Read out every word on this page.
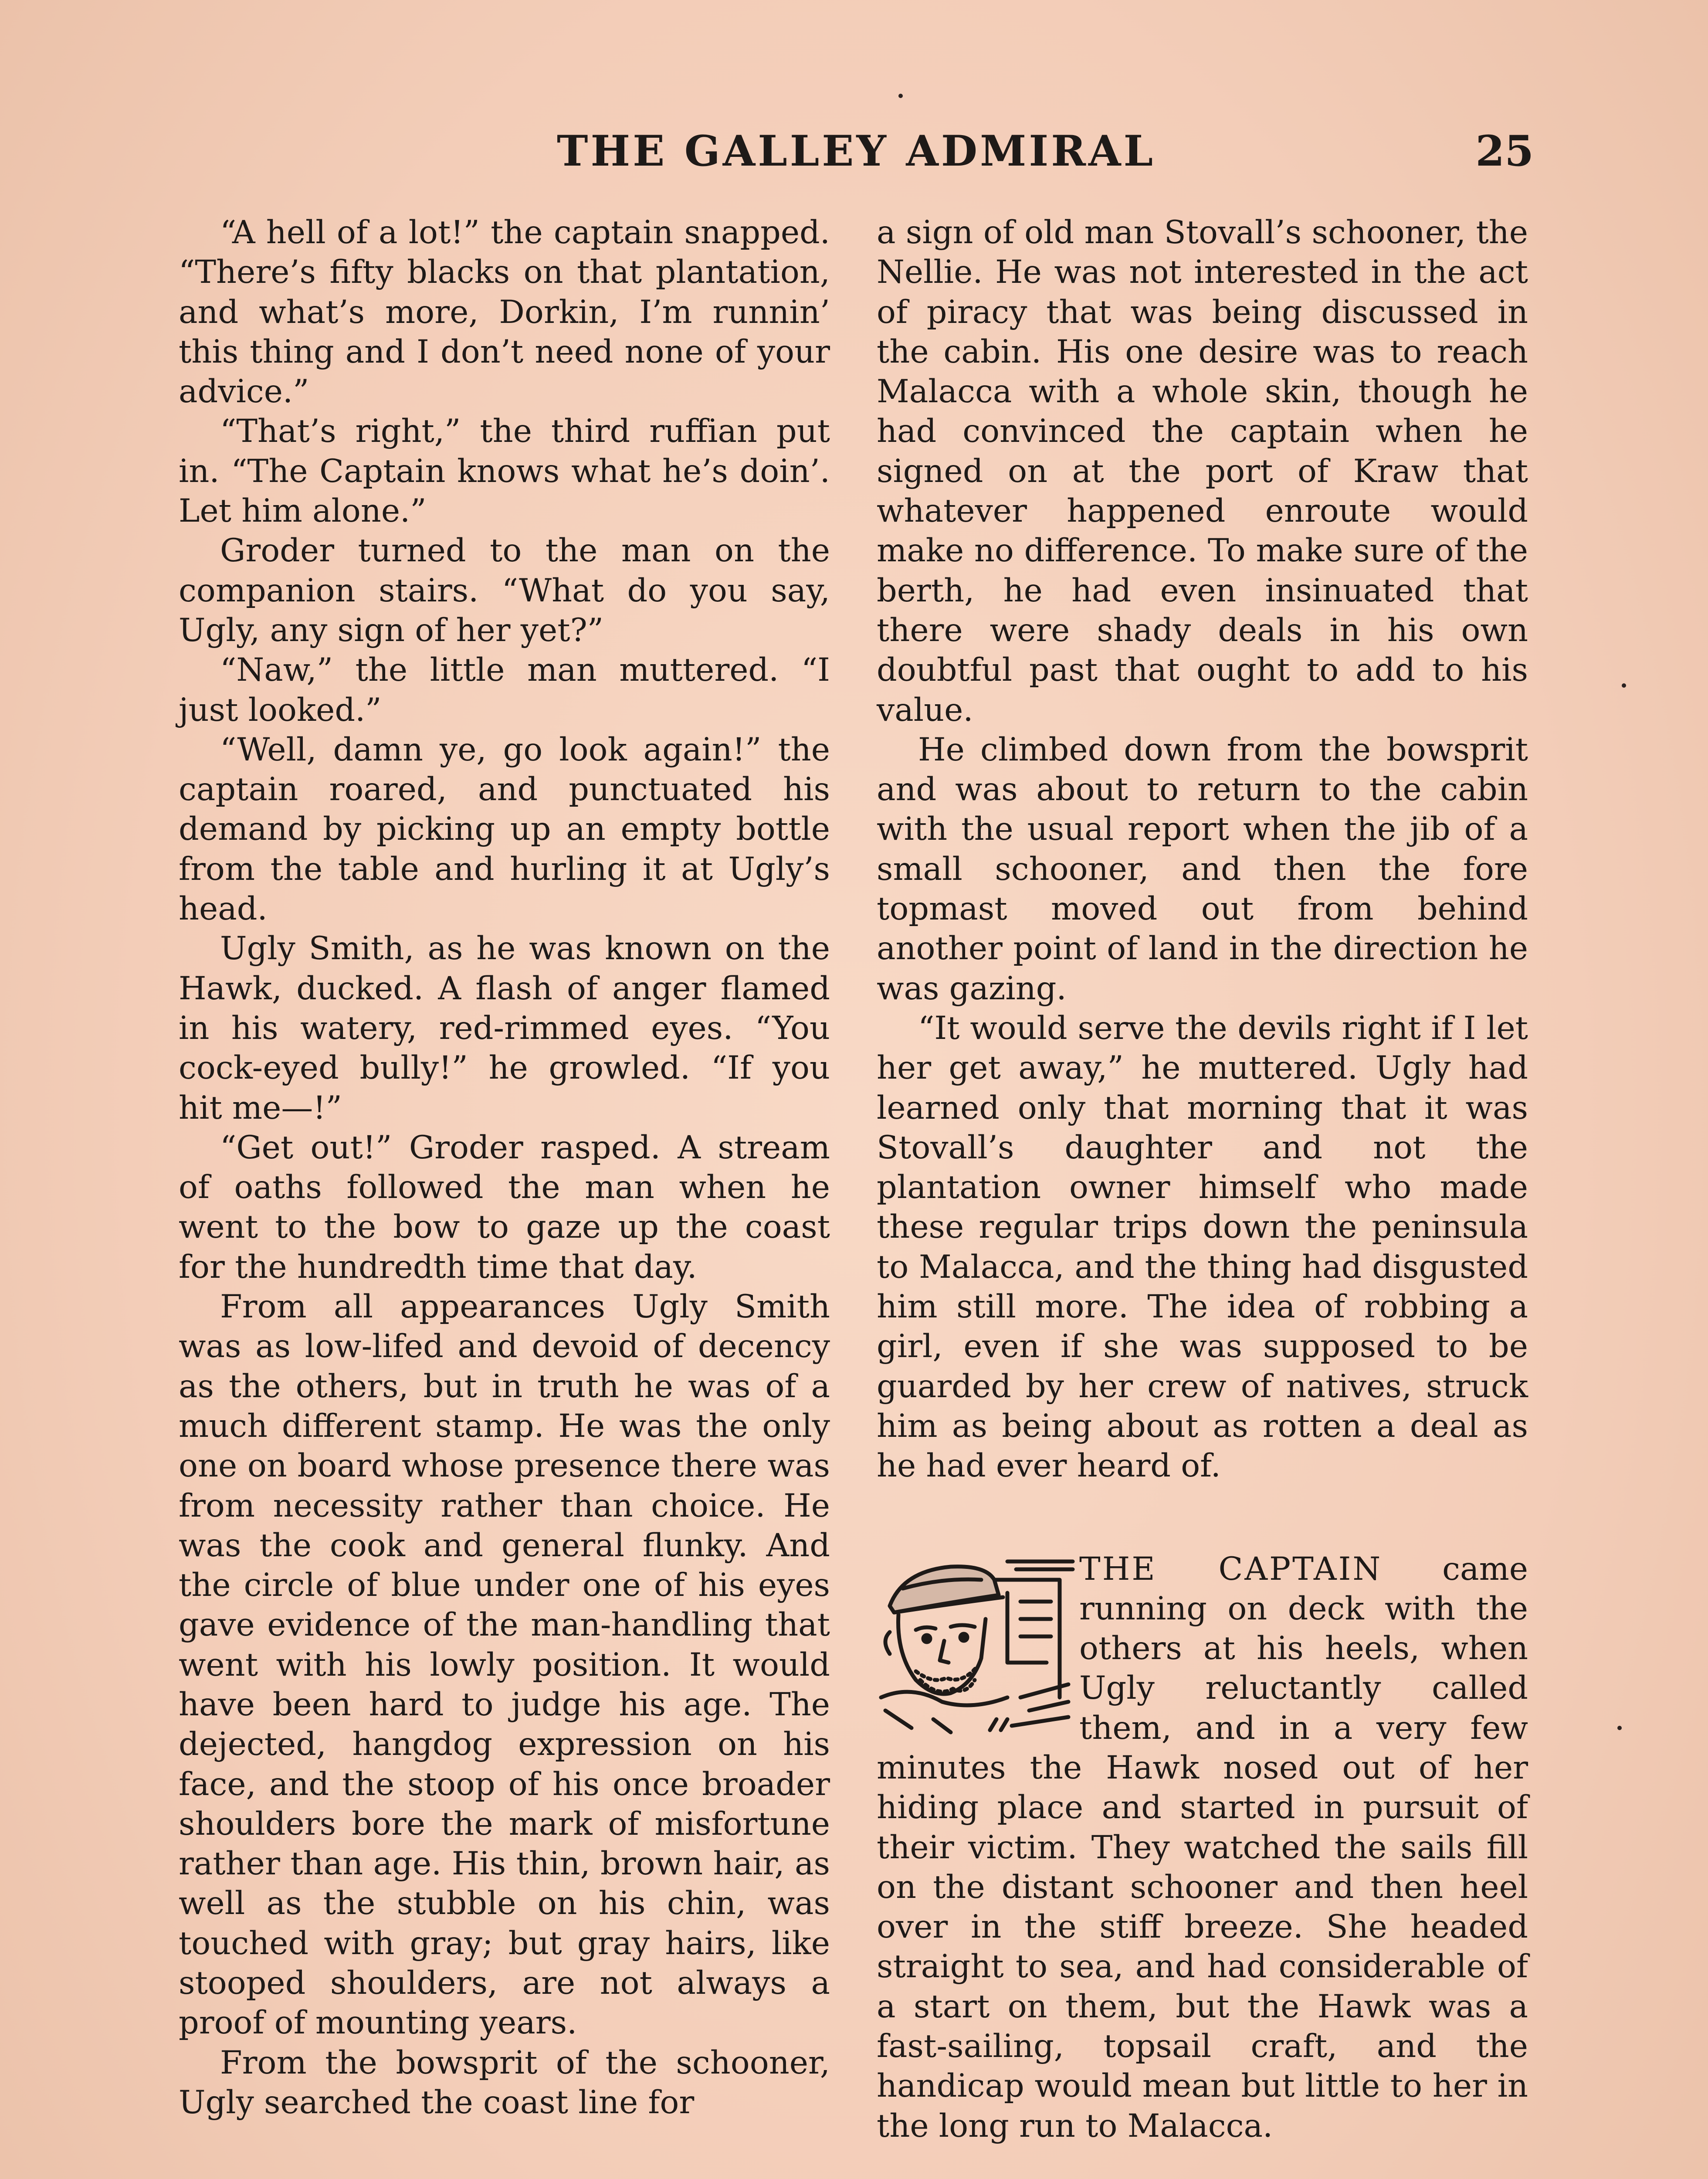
THE GALLEY ADMIRAL	25

“A hell of a lot!” the captain snapped. “There’s fifty blacks on that plantation, and what’s more, Dorkin, I’m runnin’ this thing and I don’t need none of your advice.”

“That’s right,” the third ruffian put in. “The Captain knows what he’s doin’. Let him alone.”

Groder turned to the man on the companion stairs. “What do you say, Ugly, any sign of her yet?”

“Naw,” the little man muttered. “I just looked.”

“Well, damn ye, go look again!” the captain roared, and punctuated his demand by picking up an empty bottle from the table and hurling it at Ugly’s head.

Ugly Smith, as he was known on the Hawk, ducked. A flash of anger flamed in his watery, red-rimmed eyes. “You cock-eyed bully!” he growled. “If you hit me—!”

“Get out!” Groder rasped. A stream of oaths followed the man when he went to the bow to gaze up the coast for the hundredth time that day.

From all appearances Ugly Smith was as low-lifed and devoid of decency as the others, but in truth he was of a much different stamp. He was the only one on board whose presence there was from necessity rather than choice. He was the cook and general flunky. And the circle of blue under one of his eyes gave evidence of the man-handling that went with his lowly position. It would have been hard to judge his age. The dejected, hangdog expression on his face, and the stoop of his once broader shoulders bore the mark of misfortune rather than age. His thin, brown hair, as well as the stubble on his chin, was touched with gray; but gray hairs, like stooped shoulders, are not always a proof of mounting years.

From the bowsprit of the schooner, Ugly searched the coast line for

a sign of old man Stovall’s schooner, the Nellie. He was not interested in the act of piracy that was being discussed in the cabin. His one desire was to reach Malacca with a whole skin, though he had convinced the captain when he signed on at the port of Kraw that whatever happened enroute would make no difference. To make sure of the berth, he had even insinuated that there were shady deals in his own doubtful past that ought to add to his value.

He climbed down from the bowsprit and was about to return to the cabin with the usual report when the jib of a small schooner, and then the fore topmast moved out from behind another point of land in the direction he was gazing.

“It would serve the devils right if I let her get away,” he muttered. Ugly had learned only that morning that it was Stovall’s daughter and not the plantation owner himself who made these regular trips down the peninsula to Malacca, and the thing had disgusted him still more. The idea of robbing a girl, even if she was supposed to be guarded by her crew of natives, struck him as being about as rotten a deal as he had ever heard of.

THE CAPTAIN came running on deck with the others at his heels, when Ugly reluctantly called them, and in a very few minutes the Hawk nosed out of her hiding place and started in pursuit of their victim. They watched the sails fill on the distant schooner and then heel over in the stiff breeze. She headed straight to sea, and had considerable of a start on them, but the Hawk was a fast-sailing, topsail craft, and the handicap would mean but little to her in the long run to Malacca.
